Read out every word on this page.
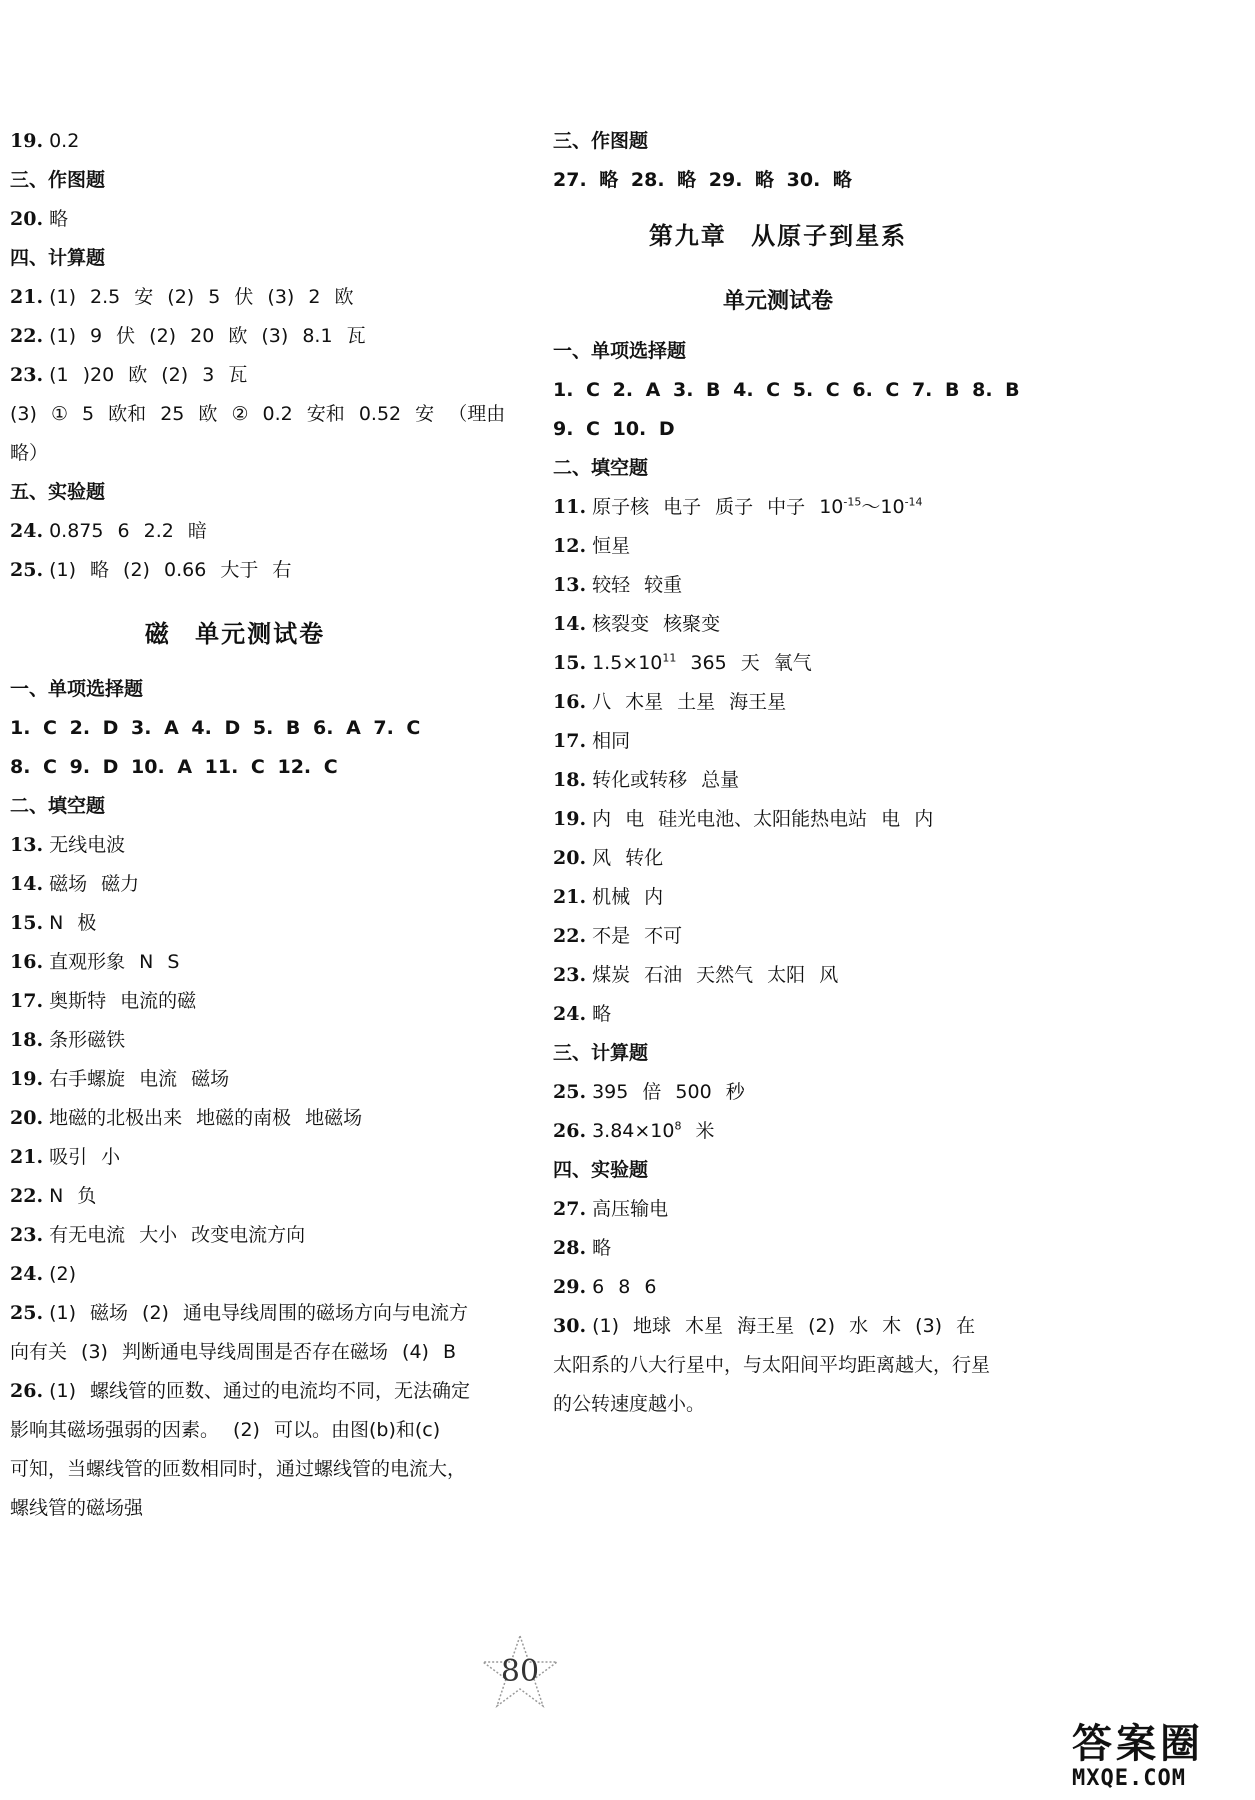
19. 0.2
三、作图题
20. 略
四、计算题
21. (1) 2.5 安 (2) 5 伏 (3) 2 欧
22. (1) 9 伏 (2) 20 欧 (3) 8.1 瓦
23. (1 )20 欧 (2) 3 瓦
(3) ① 5 欧和 25 欧 ② 0.2 安和 0.52 安 （理由
略）
五、实验题
24. 0.875 6 2.2 暗
25. (1) 略 (2) 0.66 大于 右
磁 单元测试卷
一、单项选择题
1. C 2. D 3. A 4. D 5. B 6. A 7. C
8. C 9. D 10. A 11. C 12. C
二、填空题
13. 无线电波
14. 磁场 磁力
15. N 极
16. 直观形象 N S
17. 奥斯特 电流的磁
18. 条形磁铁
19. 右手螺旋 电流 磁场
20. 地磁的北极出来 地磁的南极 地磁场
21. 吸引 小
22. N 负
23. 有无电流 大小 改变电流方向
24. (2)
25. (1) 磁场 (2) 通电导线周围的磁场方向与电流方
向有关 (3) 判断通电导线周围是否存在磁场 (4) B
26. (1) 螺线管的匝数、通过的电流均不同，无法确定
影响其磁场强弱的因素。 (2) 可以。由图(b)和(c)
可知，当螺线管的匝数相同时，通过螺线管的电流大，
螺线管的磁场强
三、作图题
27. 略 28. 略 29. 略 30. 略
第九章 从原子到星系
单元测试卷
一、单项选择题
1. C 2. A 3. B 4. C 5. C 6. C 7. B 8. B
9. C 10. D
二、填空题
11. 原子核 电子 质子 中子 $10^{-15}\sim 10^{-14}$
12. 恒星
13. 较轻 较重
14. 核裂变 核聚变
15. $1.5\times 10^{11}$ 365 天 氧气
16. 八 木星 土星 海王星
17. 相同
18. 转化或转移 总量
19. 内 电 硅光电池、太阳能热电站 电 内
20. 风 转化
21. 机械 内
22. 不是 不可
23. 煤炭 石油 天然气 太阳 风
24. 略
三、计算题
25. 395 倍 500 秒
26. $3.84\times 10^8$ 米
四、实验题
27. 高压输电
28. 略
29. 6 8 6
30. (1) 地球 木星 海王星 (2) 水 木 (3) 在
太阳系的八大行星中，与太阳间平均距离越大，行星
的公转速度越小。
80
答案圈
MXQE.COM
